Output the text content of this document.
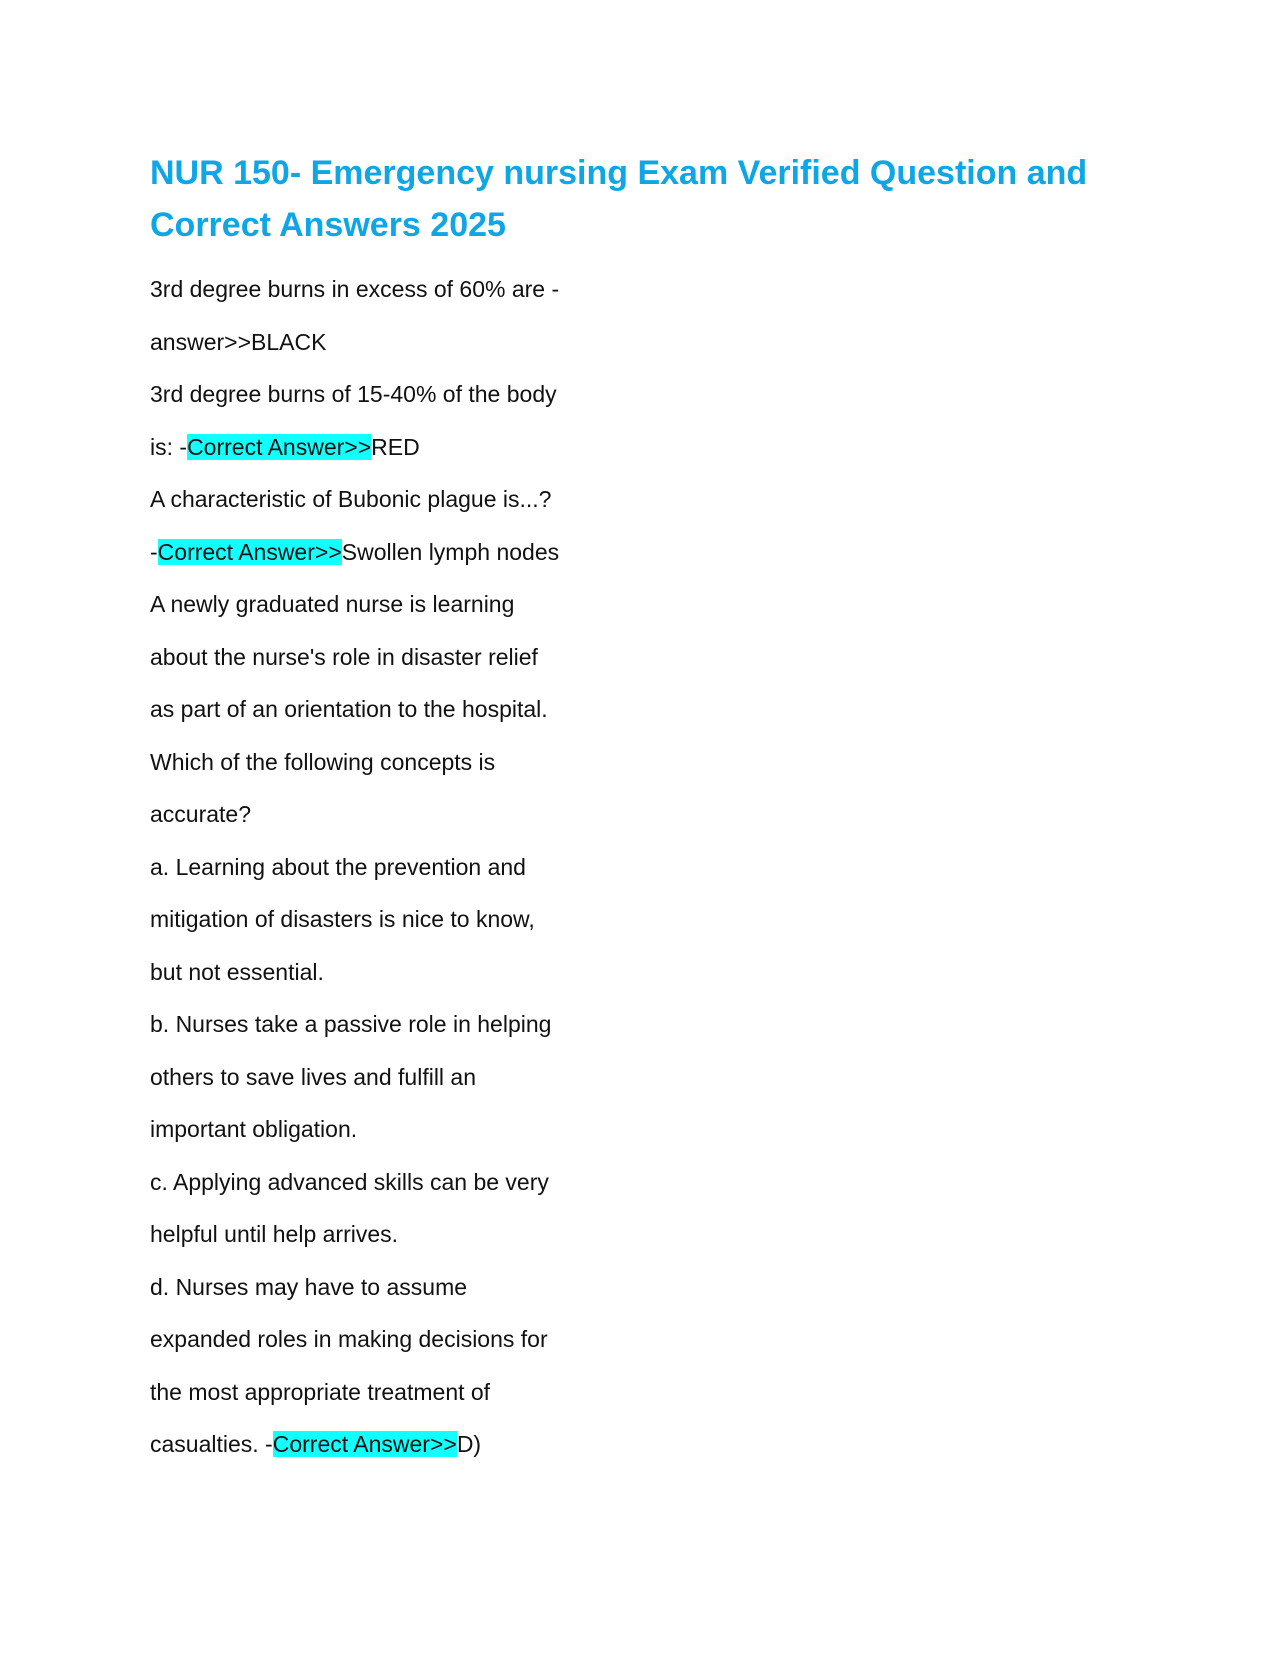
NUR 150- Emergency nursing Exam Verified Question and
Correct Answers 2025
3rd degree burns in excess of 60% are -
answer>>BLACK
3rd degree burns of 15-40% of the body
is: -Correct Answer>>RED
A characteristic of Bubonic plague is...?
-Correct Answer>>Swollen lymph nodes
A newly graduated nurse is learning
about the nurse's role in disaster relief
as part of an orientation to the hospital.
Which of the following concepts is
accurate?
a. Learning about the prevention and
mitigation of disasters is nice to know,
but not essential.
b. Nurses take a passive role in helping
others to save lives and fulfill an
important obligation.
c. Applying advanced skills can be very
helpful until help arrives.
d. Nurses may have to assume
expanded roles in making decisions for
the most appropriate treatment of
casualties. -Correct Answer>>D)
